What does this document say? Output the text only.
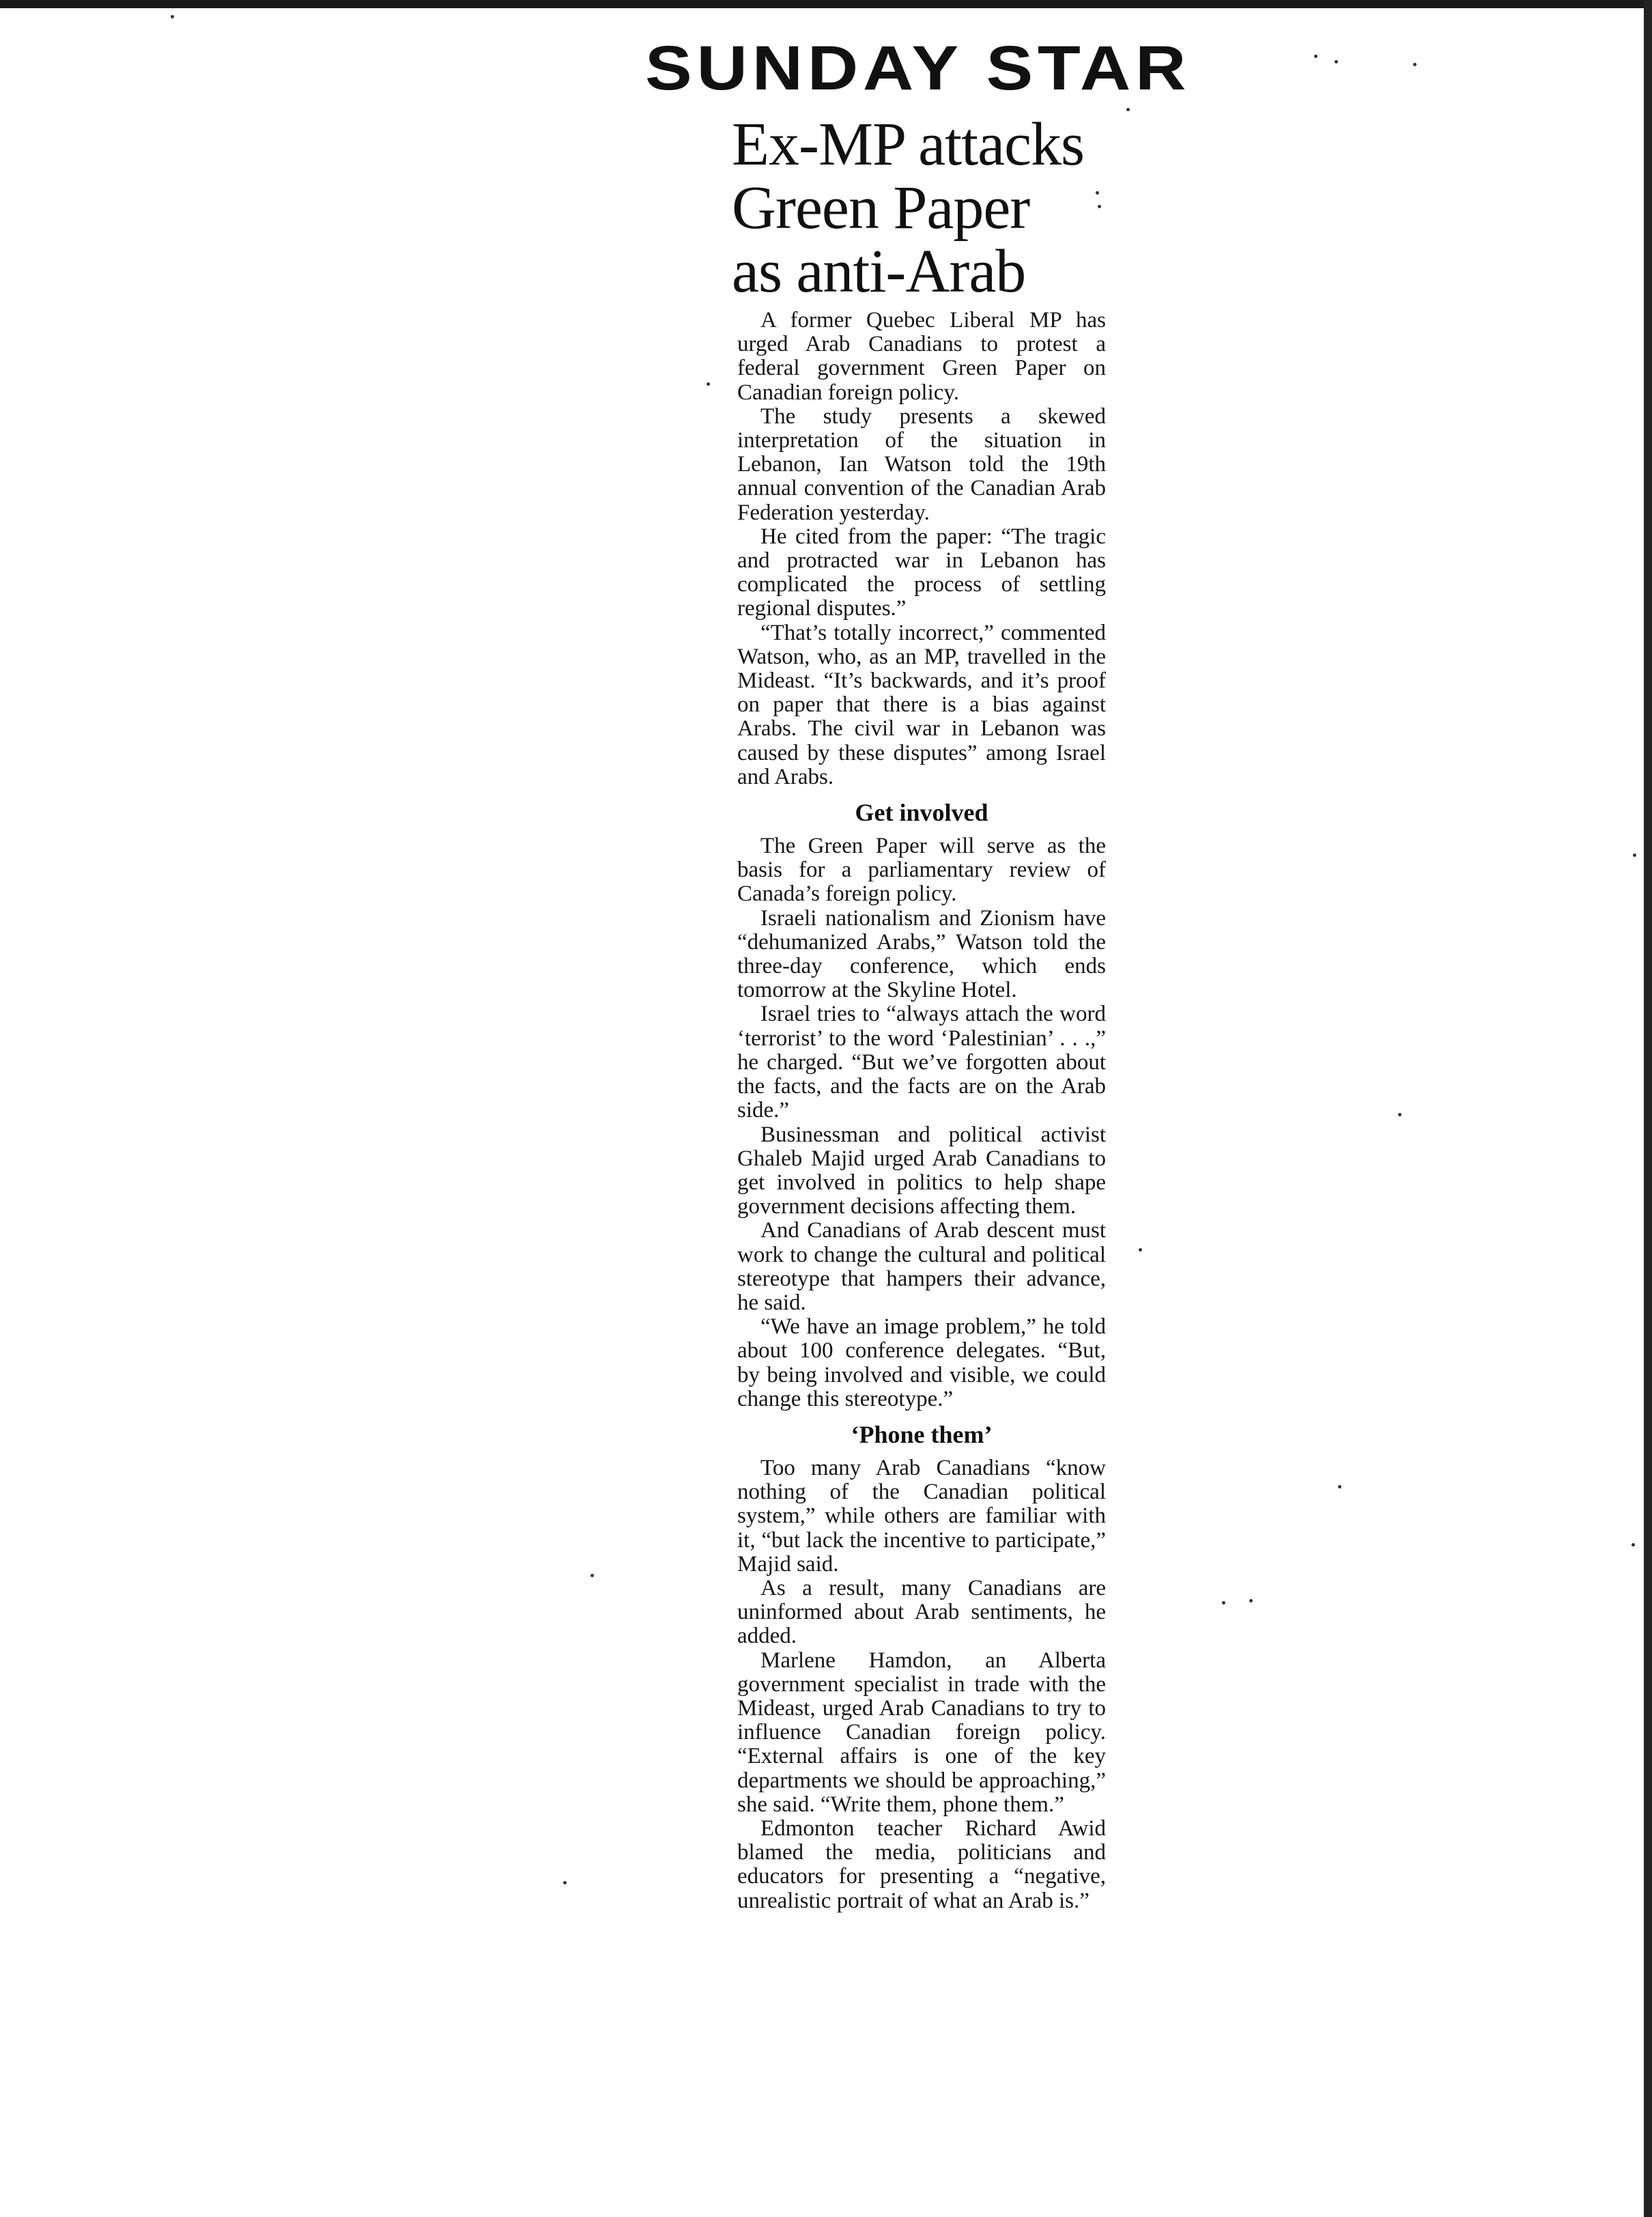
SUNDAY STAR
Ex-MP attacks
Green Paper
as anti-Arab

A former Quebec Liberal MP has urged Arab Canadians to protest a federal government Green Paper on Canadian foreign policy.

The study presents a skewed interpretation of the situation in Lebanon, Ian Watson told the 19th annual convention of the Canadian Arab Federation yesterday.

He cited from the paper: “The tragic and protracted war in Lebanon has complicated the process of settling regional disputes.”

“That’s totally incorrect,” commented Watson, who, as an MP, travelled in the Mideast. “It’s backwards, and it’s proof on paper that there is a bias against Arabs. The civil war in Lebanon was caused by these disputes” among Israel and Arabs.

Get involved

The Green Paper will serve as the basis for a parliamentary review of Canada’s foreign policy.

Israeli nationalism and Zionism have “dehumanized Arabs,” Watson told the three-day conference, which ends tomorrow at the Skyline Hotel.

Israel tries to “always attach the word ‘terrorist’ to the word ‘Palestinian’ . . .,” he charged. “But we’ve forgotten about the facts, and the facts are on the Arab side.”

Businessman and political activist Ghaleb Majid urged Arab Canadians to get involved in politics to help shape government decisions affecting them.

And Canadians of Arab descent must work to change the cultural and political stereotype that hampers their advance, he said.

“We have an image problem,” he told about 100 conference delegates. “But, by being involved and visible, we could change this stereotype.”

‘Phone them’

Too many Arab Canadians “know nothing of the Canadian political system,” while others are familiar with it, “but lack the incentive to participate,” Majid said.

As a result, many Canadians are uninformed about Arab sentiments, he added.

Marlene Hamdon, an Alberta government specialist in trade with the Mideast, urged Arab Canadians to try to influence Canadian foreign policy. “External affairs is one of the key departments we should be approaching,” she said. “Write them, phone them.”

Edmonton teacher Richard Awid blamed the media, politicians and educators for presenting a “negative, unrealistic portrait of what an Arab is.”
